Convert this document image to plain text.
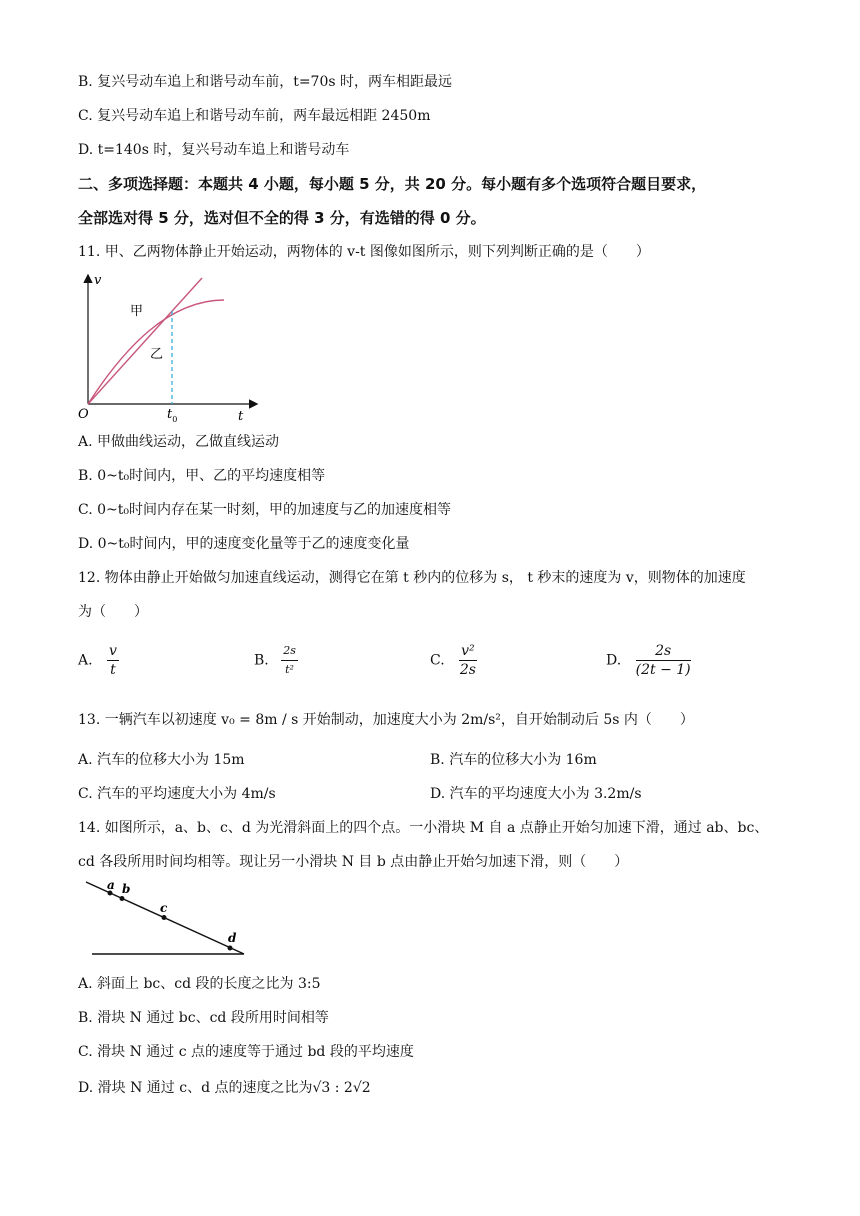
B. 复兴号动车追上和谐号动车前，t=70s 时，两车相距最远
C. 复兴号动车追上和谐号动车前，两车最远相距 2450m
D. t=140s 时，复兴号动车追上和谐号动车
二、多项选择题：本题共 4 小题，每小题 5 分，共 20 分。每小题有多个选项符合题目要求，
全部选对得 5 分，选对但不全的得 3 分，有选错的得 0 分。
11. 甲、乙两物体静止开始运动，两物体的 v-t 图像如图所示，则下列判断正确的是（　　）
v
t
O	$t_0$
甲
乙
A. 甲做曲线运动，乙做直线运动
B. 0~t₀时间内，甲、乙的平均速度相等
C. 0~t₀时间内存在某一时刻，甲的加速度与乙的加速度相等
D. 0~t₀时间内，甲的速度变化量等于乙的速度变化量
12. 物体由静止开始做匀加速直线运动，测得它在第 t 秒内的位移为 s， t 秒末的速度为 v，则物体的加速度
为（　　）
A. $\frac{v}{t}$	B. $\frac{2s}{\text{t²}}$	C. $\frac{\text{v²}}{2s}$	D. $\frac{2s}{(2t - 1)}$
13. 一辆汽车以初速度 v₀ = 8m / s 开始制动，加速度大小为 2m/s²，自开始制动后 5s 内（　　）
A. 汽车的位移大小为 15m	B. 汽车的位移大小为 16m
C. 汽车的平均速度大小为 4m/s	D. 汽车的平均速度大小为 3.2m/s
14. 如图所示，a、b、c、d 为光滑斜面上的四个点。一小滑块 M 自 a 点静止开始匀加速下滑，通过 ab、bc、
cd 各段所用时间均相等。现让另一小滑块 N 目 b 点由静止开始匀加速下滑，则（　　）
a b
c
d
A. 斜面上 bc、cd 段的长度之比为 3:5
B. 滑块 N 通过 bc、cd 段所用时间相等
C. 滑块 N 通过 c 点的速度等于通过 bd 段的平均速度
D. 滑块 N 通过 c、d 点的速度之比为√3 : 2√2
